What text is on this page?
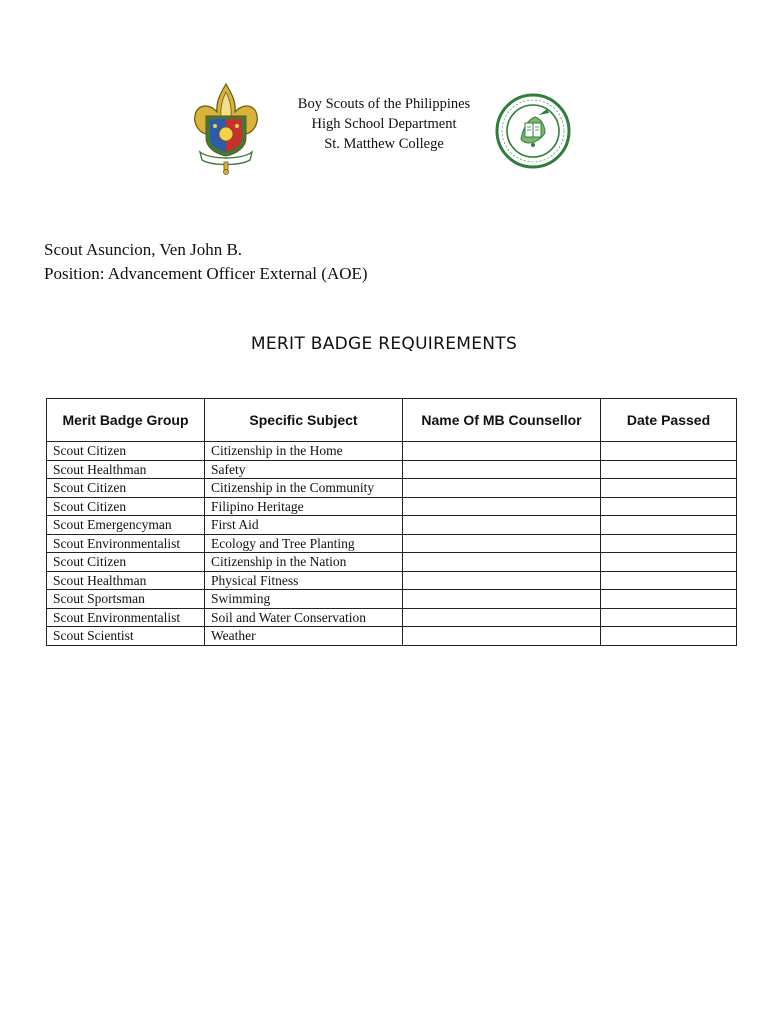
Boy Scouts of the Philippines
High School Department
St. Matthew College
Scout Asuncion, Ven John B.
Position: Advancement Officer External (AOE)
MERIT BADGE REQUIREMENTS
Merit Badge Group	Specific Subject	Name Of MB Counsellor	Date Passed
Scout Citizen	Citizenship in the Home		
Scout Healthman	Safety		
Scout Citizen	Citizenship in the Community		
Scout Citizen	Filipino Heritage		
Scout Emergencyman	First Aid		
Scout Environmentalist	Ecology and Tree Planting		
Scout Citizen	Citizenship in the Nation		
Scout Healthman	Physical Fitness		
Scout Sportsman	Swimming		
Scout Environmentalist	Soil and Water Conservation		
Scout Scientist	Weather		
